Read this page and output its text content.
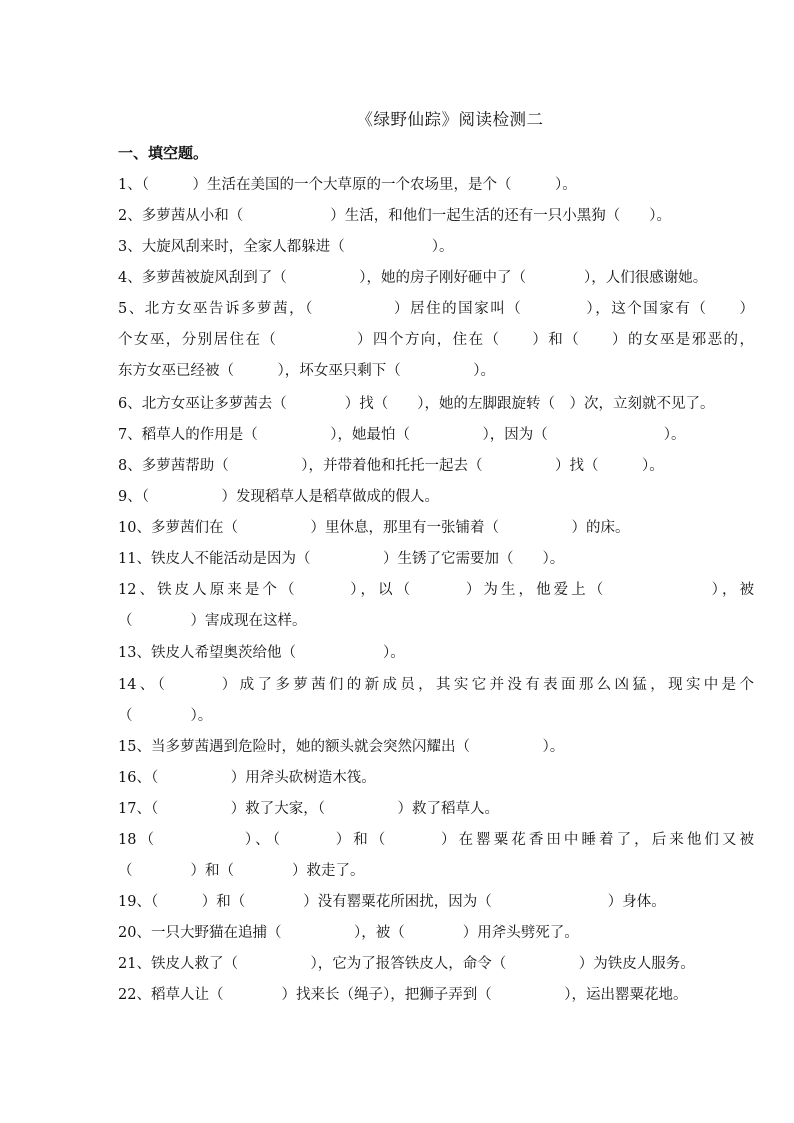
《绿野仙踪》阅读检测二
一、填空题。
1、（　　　）生活在美国的一个大草原的一个农场里，是个（　　　）。
2、多萝茜从小和（　　　　　　）生活，和他们一起生活的还有一只小黑狗（　　）。
3、大旋风刮来时，全家人都躲进（　　　　　　）。
4、多萝茜被旋风刮到了（　　　　　），她的房子刚好砸中了（　　　　），人们很感谢她。
5、北方女巫告诉多萝茜，（　　　　　）居住的国家叫（　　　　），这个国家有（　　）
个女巫，分别居住在（　　　　　）四个方向，住在（　　）和（　　）的女巫是邪恶的，
东方女巫已经被（　　　），坏女巫只剩下（　　　　　）。
6、北方女巫让多萝茜去（　　　　）找（　　），她的左脚跟旋转（　）次，立刻就不见了。
7、稻草人的作用是（　　　　　），她最怕（　　　　　），因为（　　　　　　　　）。
8、多萝茜帮助（　　　　　），并带着他和托托一起去（　　　　　）找（　　　）。
9、（　　　　　）发现稻草人是稻草做成的假人。
10、多萝茜们在（　　　　　）里休息，那里有一张铺着（　　　　　）的床。
11、铁皮人不能活动是因为（　　　　　）生锈了它需要加（　　）。
12、铁皮人原来是个（　　　），以（　　　）为生，他爱上（　　　　　　），被
（　　　　）害成现在这样。
13、铁皮人希望奥茨给他（　　　　　　）。
14、（　　　）成了多萝茜们的新成员，其实它并没有表面那么凶猛，现实中是个
（　　　　）。
15、当多萝茜遇到危险时，她的额头就会突然闪耀出（　　　　　）。
16、（　　　　　）用斧头砍树造木筏。
17、（　　　　　）救了大家，（　　　　　）救了稻草人。
18（　　　　　）、（　　　）和（　　　）在罂粟花香田中睡着了，后来他们又被
（　　　　）和（　　　　）救走了。
19、（　　　）和（　　　　）没有罂粟花所困扰，因为（　　　　　　　　）身体。
20、一只大野猫在追捕（　　　　　），被（　　　　）用斧头劈死了。
21、铁皮人救了（　　　　　），它为了报答铁皮人，命令（　　　　　）为铁皮人服务。
22、稻草人让（　　　　）找来长（绳子），把狮子弄到（　　　　　），运出罂粟花地。
